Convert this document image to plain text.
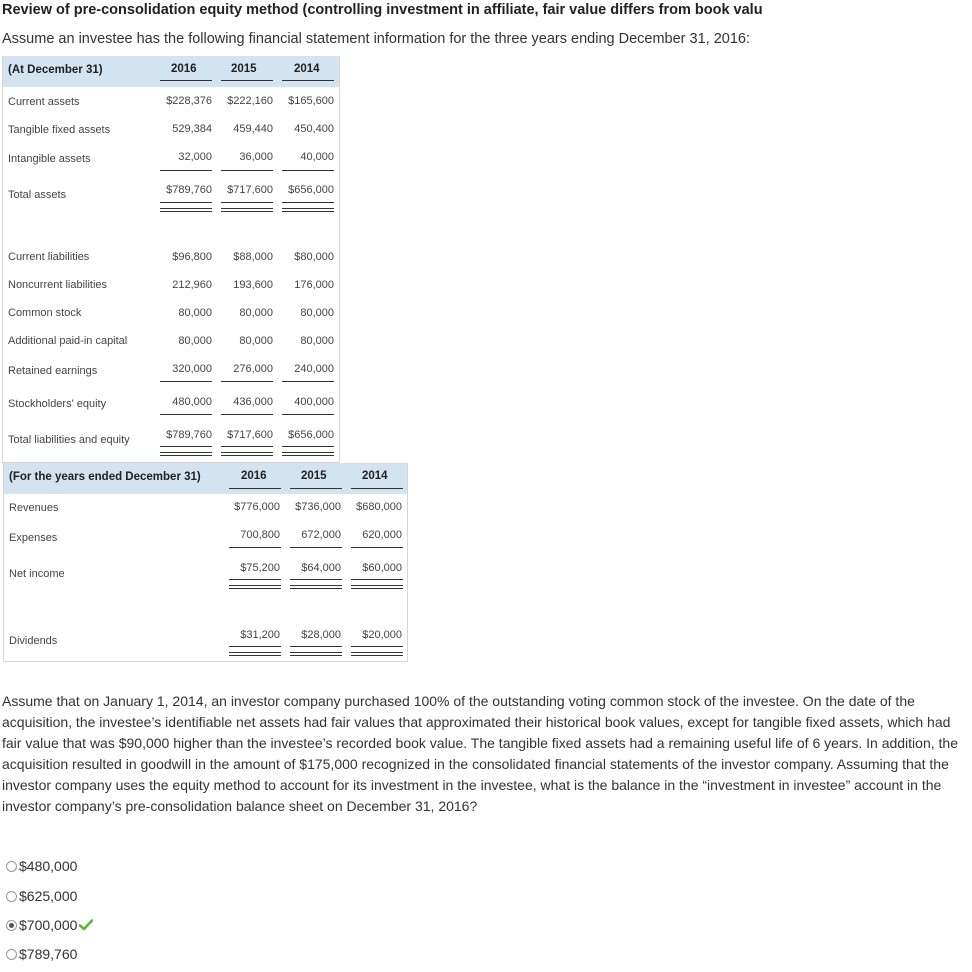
Review of pre-consolidation equity method (controlling investment in affiliate, fair value differs from book valu
Assume an investee has the following financial statement information for the three years ending December 31, 2016:
(At December 31)	2016	2015	2014
Current assets	$228,376 $222,160 $165,600
Tangible fixed assets	529,384 459,440 450,400
Intangible assets	32,000 36,000 40,000
Total assets	$789,760 $717,600 $656,000
Current liabilities	$96,800 $88,000 $80,000
Noncurrent liabilities	212,960 193,600 176,000
Common stock	80,000 80,000 80,000
Additional paid-in capital	80,000 80,000 80,000
Retained earnings	320,000 276,000 240,000
Stockholders' equity	480,000 436,000 400,000
Total liabilities and equity	$789,760 $717,600 $656,000
(For the years ended December 31)	2016	2015	2014
Revenues	$776,000 $736,000 $680,000
Expenses	700,800 672,000 620,000
Net income	$75,200 $64,000 $60,000
Dividends	$31,200 $28,000 $20,000
Assume that on January 1, 2014, an investor company purchased 100% of the outstanding voting common stock of the investee. On the date of the acquisition, the investee’s identifiable net assets had fair values that approximated their historical book values, except for tangible fixed assets, which had fair value that was $90,000 higher than the investee’s recorded book value. The tangible fixed assets had a remaining useful life of 6 years. In addition, the acquisition resulted in goodwill in the amount of $175,000 recognized in the consolidated financial statements of the investor company. Assuming that the investor company uses the equity method to account for its investment in the investee, what is the balance in the “investment in investee” account in the investor company’s pre-consolidation balance sheet on December 31, 2016?
$480,000
$625,000
$700,000
$789,760
